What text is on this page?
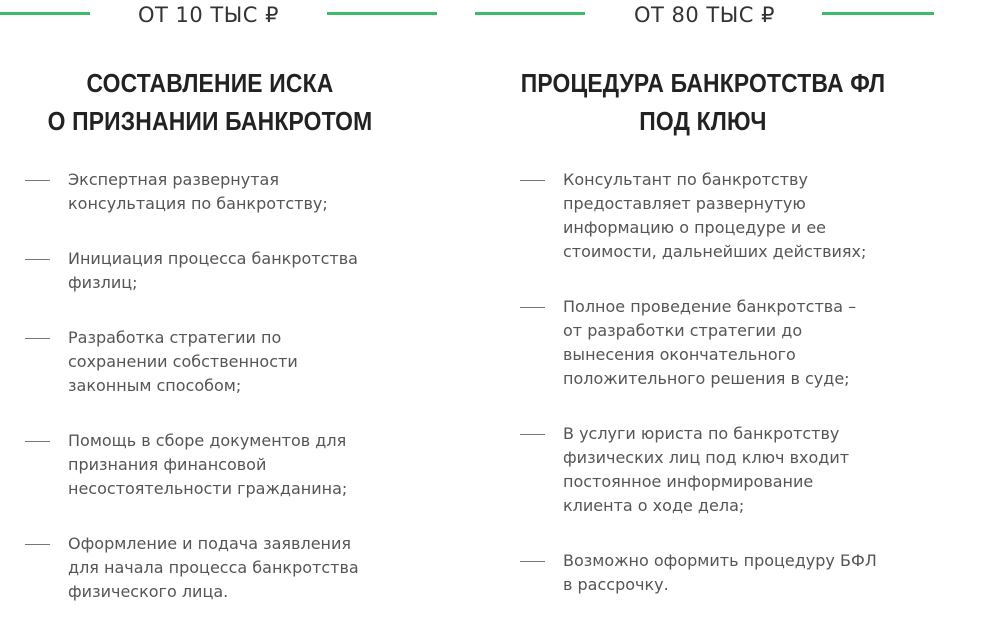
ОТ 10 ТЫС ₽
СОСТАВЛЕНИЕ ИСКА
О ПРИЗНАНИИ БАНКРОТОМ
Экспертная развернутая
консультация по банкротству;
Инициация процесса банкротства
физлиц;
Разработка стратегии по
сохранении собственности
законным способом;
Помощь в сборе документов для
признания финансовой
несостоятельности гражданина;
Оформление и подача заявления
для начала процесса банкротства
физического лица.
ОТ 80 ТЫС ₽
ПРОЦЕДУРА БАНКРОТСТВА ФЛ
ПОД КЛЮЧ
Консультант по банкротству
предоставляет развернутую
информацию о процедуре и ее
стоимости, дальнейших действиях;
Полное проведение банкротства –
от разработки стратегии до
вынесения окончательного
положительного решения в суде;
В услуги юриста по банкротству
физических лиц под ключ входит
постоянное информирование
клиента о ходе дела;
Возможно оформить процедуру БФЛ
в рассрочку.
